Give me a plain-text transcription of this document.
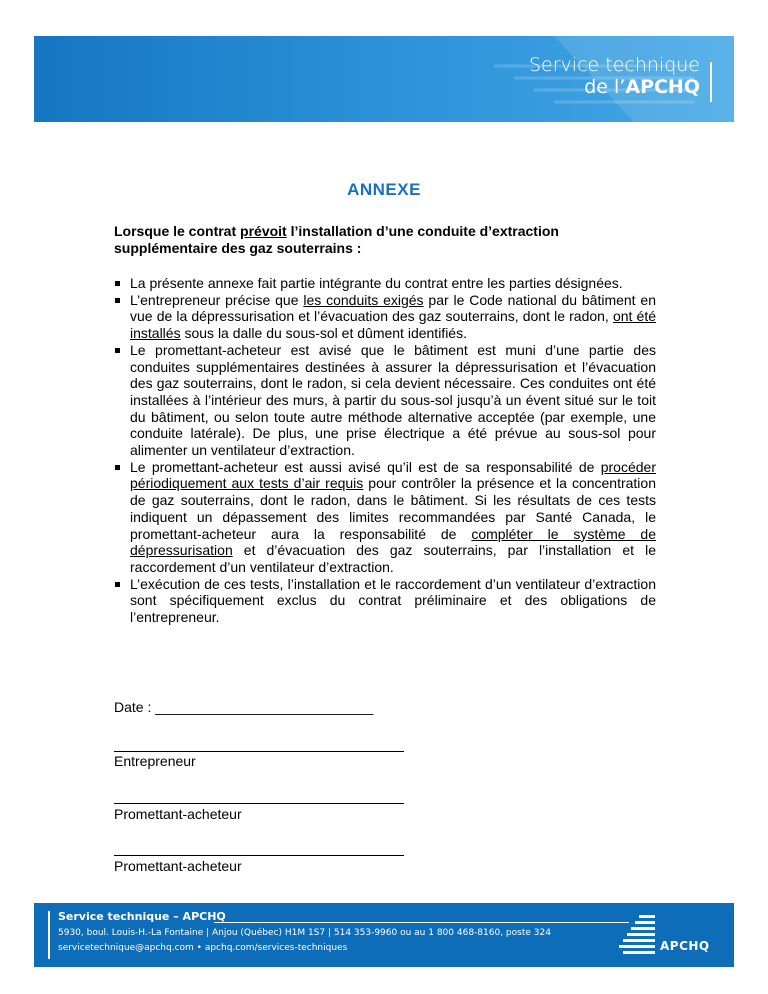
Service technique
de l’APCHQ
ANNEXE
Lorsque le contrat prévoit l’installation d’une conduite d’extraction supplémentaire des gaz souterrains :
La présente annexe fait partie intégrante du contrat entre les parties désignées.
L’entrepreneur précise que les conduits exigés par le Code national du bâtiment en vue de la dépressurisation et l’évacuation des gaz souterrains, dont le radon, ont été installés sous la dalle du sous-sol et dûment identifiés.
Le promettant-acheteur est avisé que le bâtiment est muni d’une partie des conduites supplémentaires destinées à assurer la dépressurisation et l’évacuation des gaz souterrains, dont le radon, si cela devient nécessaire. Ces conduites ont été installées à l’intérieur des murs, à partir du sous-sol jusqu’à un évent situé sur le toit du bâtiment, ou selon toute autre méthode alternative acceptée (par exemple, une conduite latérale). De plus, une prise électrique a été prévue au sous-sol pour alimenter un ventilateur d’extraction.
Le promettant-acheteur est aussi avisé qu’il est de sa responsabilité de procéder périodiquement aux tests d’air requis pour contrôler la présence et la concentration de gaz souterrains, dont le radon, dans le bâtiment. Si les résultats de ces tests indiquent un dépassement des limites recommandées par Santé Canada, le promettant-acheteur aura la responsabilité de compléter le système de dépressurisation et d’évacuation des gaz souterrains, par l’installation et le raccordement d’un ventilateur d’extraction.
L’exécution de ces tests, l’installation et le raccordement d’un ventilateur d’extraction sont spécifiquement exclus du contrat préliminaire et des obligations de l’entrepreneur.
Date : ____________________________
Entrepreneur
Promettant-acheteur
Promettant-acheteur
Service technique – APCHQ
5930, boul. Louis-H.-La Fontaine | Anjou (Québec) H1M 1S7 | 514 353-9960 ou au 1 800 468-8160, poste 324
servicetechnique@apchq.com • apchq.com/services-techniques	APCHQ
